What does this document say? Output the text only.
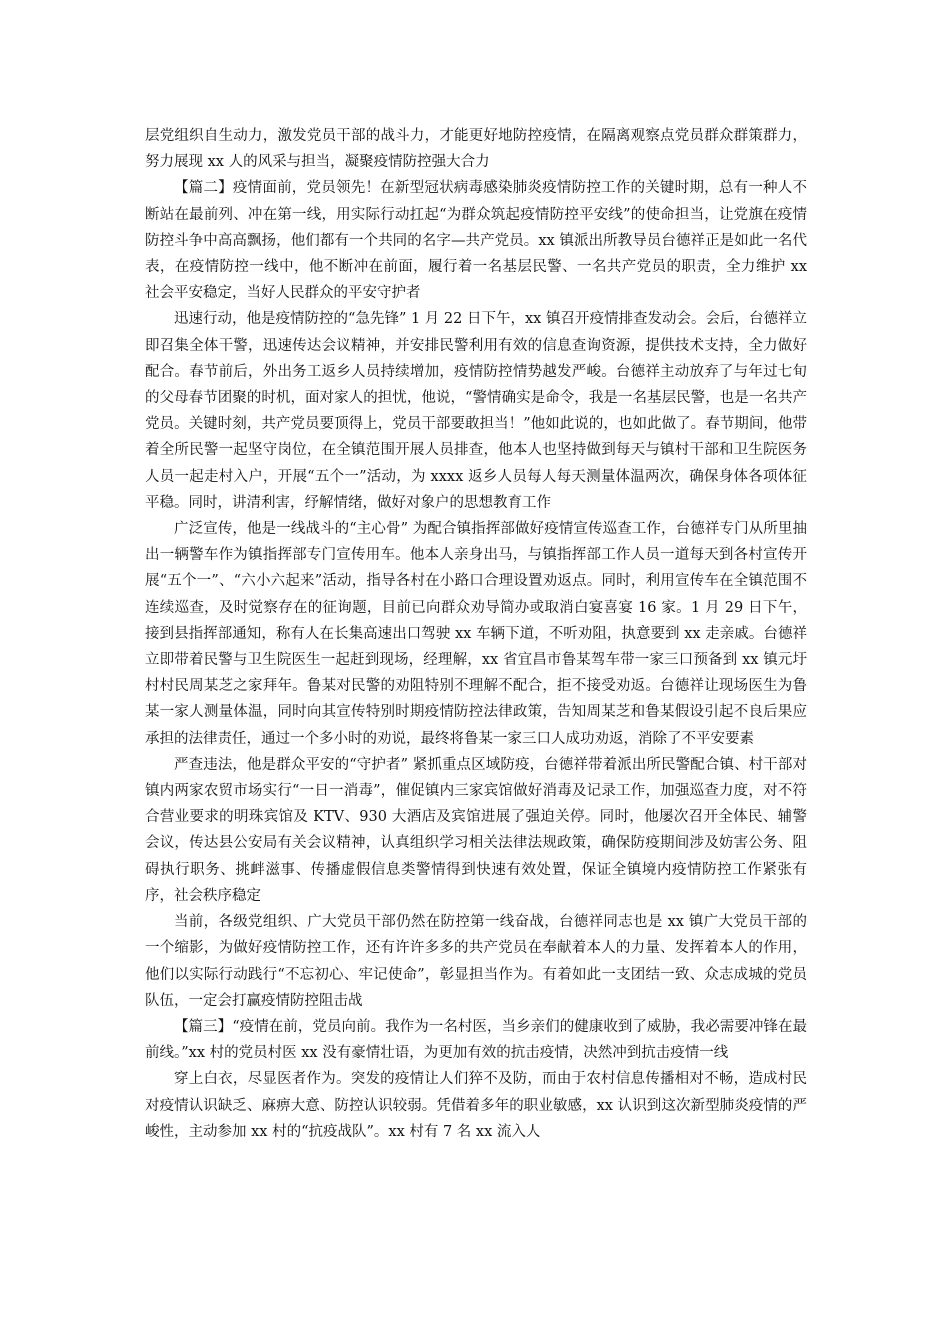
层党组织自生动力，激发党员干部的战斗力，才能更好地防控疫情，在隔离观察点党员群众群策群力，努力展现 xx 人的风采与担当，凝聚疫情防控强大合力

【篇二】疫情面前，党员领先！在新型冠状病毒感染肺炎疫情防控工作的关键时期，总有一种人不断站在最前列、冲在第一线，用实际行动扛起“为群众筑起疫情防控平安线”的使命担当，让党旗在疫情防控斗争中高高飘扬，他们都有一个共同的名字—共产党员。xx 镇派出所教导员台德祥正是如此一名代表，在疫情防控一线中，他不断冲在前面，履行着一名基层民警、一名共产党员的职责，全力维护 xx 社会平安稳定，当好人民群众的平安守护者

迅速行动，他是疫情防控的“急先锋” 1 月 22 日下午，xx 镇召开疫情排查发动会。会后，台德祥立即召集全体干警，迅速传达会议精神，并安排民警利用有效的信息查询资源，提供技术支持，全力做好配合。春节前后，外出务工返乡人员持续增加，疫情防控情势越发严峻。台德祥主动放弃了与年过七旬的父母春节团聚的时机，面对家人的担忧，他说，“警情确实是命令，我是一名基层民警，也是一名共产党员。关键时刻，共产党员要顶得上，党员干部要敢担当！”他如此说的，也如此做了。春节期间，他带着全所民警一起坚守岗位，在全镇范围开展人员排查，他本人也坚持做到每天与镇村干部和卫生院医务人员一起走村入户，开展“五个一”活动，为 xxxx 返乡人员每人每天测量体温两次，确保身体各项体征平稳。同时，讲清利害，纾解情绪，做好对象户的思想教育工作

广泛宣传，他是一线战斗的“主心骨” 为配合镇指挥部做好疫情宣传巡查工作，台德祥专门从所里抽出一辆警车作为镇指挥部专门宣传用车。他本人亲身出马，与镇指挥部工作人员一道每天到各村宣传开展“五个一”、“六小六起来”活动，指导各村在小路口合理设置劝返点。同时，利用宣传车在全镇范围不连续巡查，及时觉察存在的征询题，目前已向群众劝导简办或取消白宴喜宴 16 家。1 月 29 日下午，接到县指挥部通知，称有人在长集高速出口驾驶 xx 车辆下道，不听劝阻，执意要到 xx 走亲戚。台德祥立即带着民警与卫生院医生一起赶到现场，经理解，xx 省宜昌市鲁某驾车带一家三口预备到 xx 镇元圩村村民周某芝之家拜年。鲁某对民警的劝阻特别不理解不配合，拒不接受劝返。台德祥让现场医生为鲁某一家人测量体温，同时向其宣传特别时期疫情防控法律政策，告知周某芝和鲁某假设引起不良后果应承担的法律责任，通过一个多小时的劝说，最终将鲁某一家三口人成功劝返，消除了不平安要素

严查违法，他是群众平安的“守护者” 紧抓重点区域防疫，台德祥带着派出所民警配合镇、村干部对镇内两家农贸市场实行“一日一消毒”，催促镇内三家宾馆做好消毒及记录工作，加强巡查力度，对不符合营业要求的明珠宾馆及 KTV、930 大酒店及宾馆进展了强迫关停。同时，他屡次召开全体民、辅警会议，传达县公安局有关会议精神，认真组织学习相关法律法规政策，确保防疫期间涉及妨害公务、阻碍执行职务、挑衅滋事、传播虚假信息类警情得到快速有效处置，保证全镇境内疫情防控工作紧张有序，社会秩序稳定

当前，各级党组织、广大党员干部仍然在防控第一线奋战，台德祥同志也是 xx 镇广大党员干部的一个缩影，为做好疫情防控工作，还有许许多多的共产党员在奉献着本人的力量、发挥着本人的作用，他们以实际行动践行“不忘初心、牢记使命”，彰显担当作为。有着如此一支团结一致、众志成城的党员队伍，一定会打赢疫情防控阻击战

【篇三】“疫情在前，党员向前。我作为一名村医，当乡亲们的健康收到了威胁，我必需要冲锋在最前线。”xx 村的党员村医 xx 没有豪情壮语，为更加有效的抗击疫情，决然冲到抗击疫情一线

穿上白衣，尽显医者作为。突发的疫情让人们猝不及防，而由于农村信息传播相对不畅，造成村民对疫情认识缺乏、麻痹大意、防控认识较弱。凭借着多年的职业敏感，xx 认识到这次新型肺炎疫情的严峻性，主动参加 xx 村的“抗疫战队”。xx 村有 7 名 xx 流入人
